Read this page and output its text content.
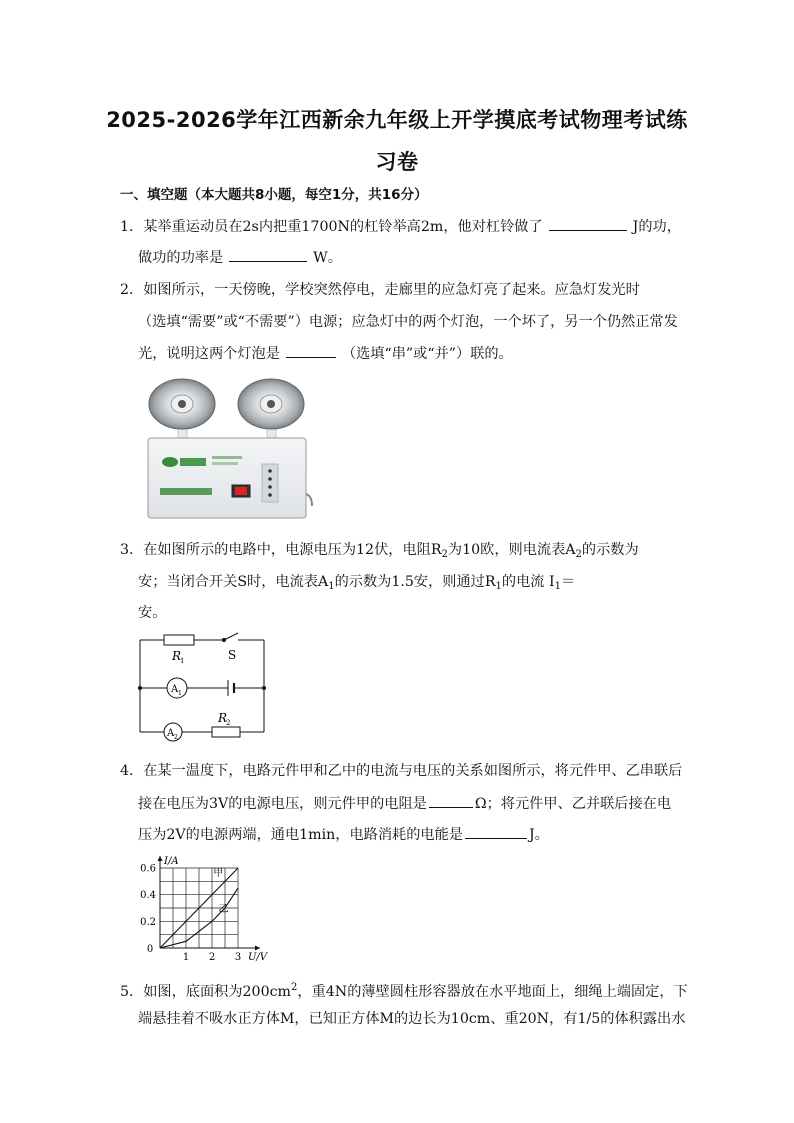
2025-2026学年江西新余九年级上开学摸底考试物理考试练
习卷
一、填空题（本大题共8小题，每空1分，共16分）
1．某举重运动员在2s内把重1700N的杠铃举高2m，他对杠铃做了	J的功，
做功的功率是	W。
2．如图所示，一天傍晚，学校突然停电，走廊里的应急灯亮了起来。应急灯发光时
（选填“需要”或“不需要”）电源；应急灯中的两个灯泡，一个坏了，另一个仍然正常发
光，说明这两个灯泡是	（选填“串”或“并”）联的。
3．在如图所示的电路中，电源电压为12伏，电阻$R_2$为10欧，则电流表$A_2$的示数为
安；当闭合开关S时，电流表$A_1$的示数为1.5安，则通过$R_1$的电流 $I_1=$
安。
R
1	S
A 1
A 2
R
2
4．在某一温度下，电路元件甲和乙中的电流与电压的关系如图所示，将元件甲、乙串联后
接在电压为3V的电源电压，则元件甲的电阻是	Ω；将元件甲、乙并联后接在电
压为2V的电源两端，通电1min，电路消耗的电能是	J。
甲
乙
0.6
0.4
0.2
1 2 3
0
I/A
U/V
5．如图，底面积为$200cm^2$，重4N的薄壁圆柱形容器放在水平地面上，细绳上端固定，下
端悬挂着不吸水正方体M，已知正方体M的边长为10cm、重20N，有1/5的体积露出水
